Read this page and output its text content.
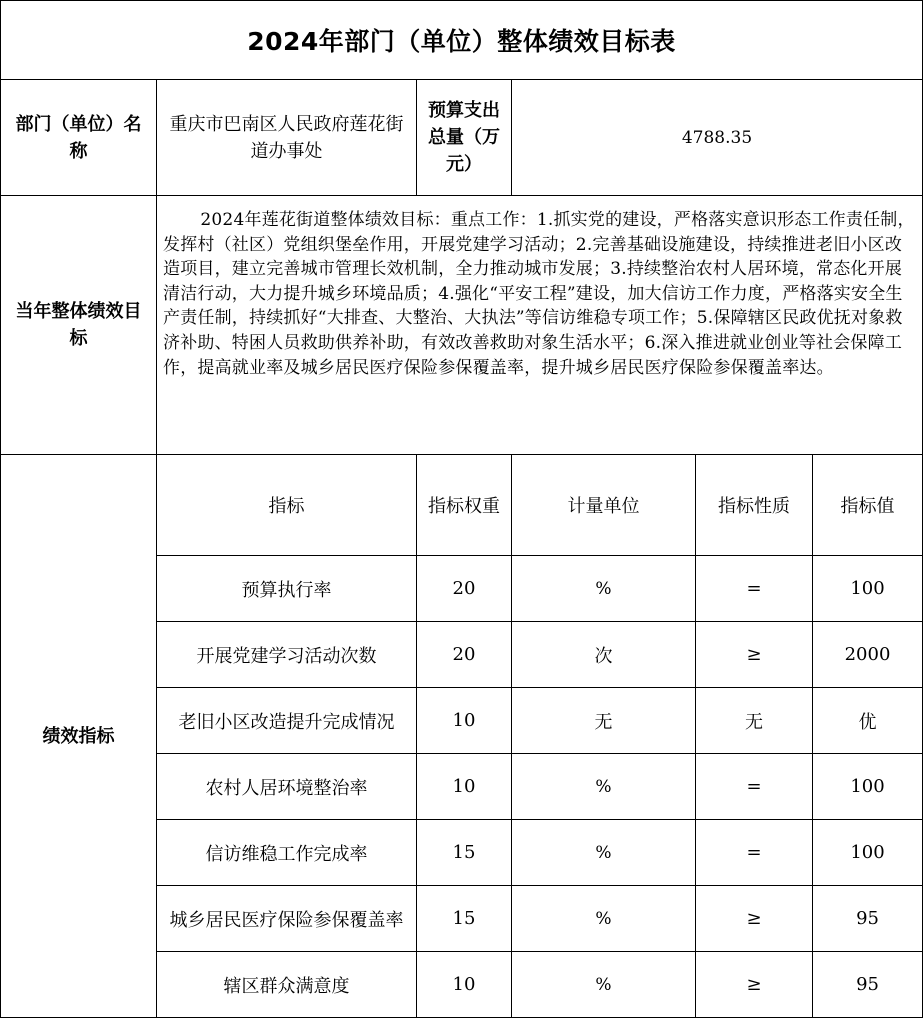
2024年部门（单位）整体绩效目标表					
部门（单位）名称	重庆市巴南区人民政府莲花街道办事处	预算支出总量（万元）	4788.35		
当年整体绩效目标	2024年莲花街道整体绩效目标：重点工作：1.抓实党的建设，严格落实意识形态工作责任制，发挥村（社区）党组织堡垒作用，开展党建学习活动；2.完善基础设施建设，持续推进老旧小区改造项目，建立完善城市管理长效机制，全力推动城市发展；3.持续整治农村人居环境，常态化开展清洁行动，大力提升城乡环境品质；4.强化“平安工程”建设，加大信访工作力度，严格落实安全生产责任制，持续抓好“大排查、大整治、大执法”等信访维稳专项工作；5.保障辖区民政优抚对象救济补助、特困人员救助供养补助，有效改善救助对象生活水平；6.深入推进就业创业等社会保障工作，提高就业率及城乡居民医疗保险参保覆盖率，提升城乡居民医疗保险参保覆盖率达。				
绩效指标	指标	指标权重	计量单位	指标性质	指标值
	预算执行率	20	%	=	100
	开展党建学习活动次数	20	次	≥	2000
	老旧小区改造提升完成情况	10	无	无	优
	农村人居环境整治率	10	%	=	100
	信访维稳工作完成率	15	%	=	100
	城乡居民医疗保险参保覆盖率	15	%	≥	95
	辖区群众满意度	10	%	≥	95
